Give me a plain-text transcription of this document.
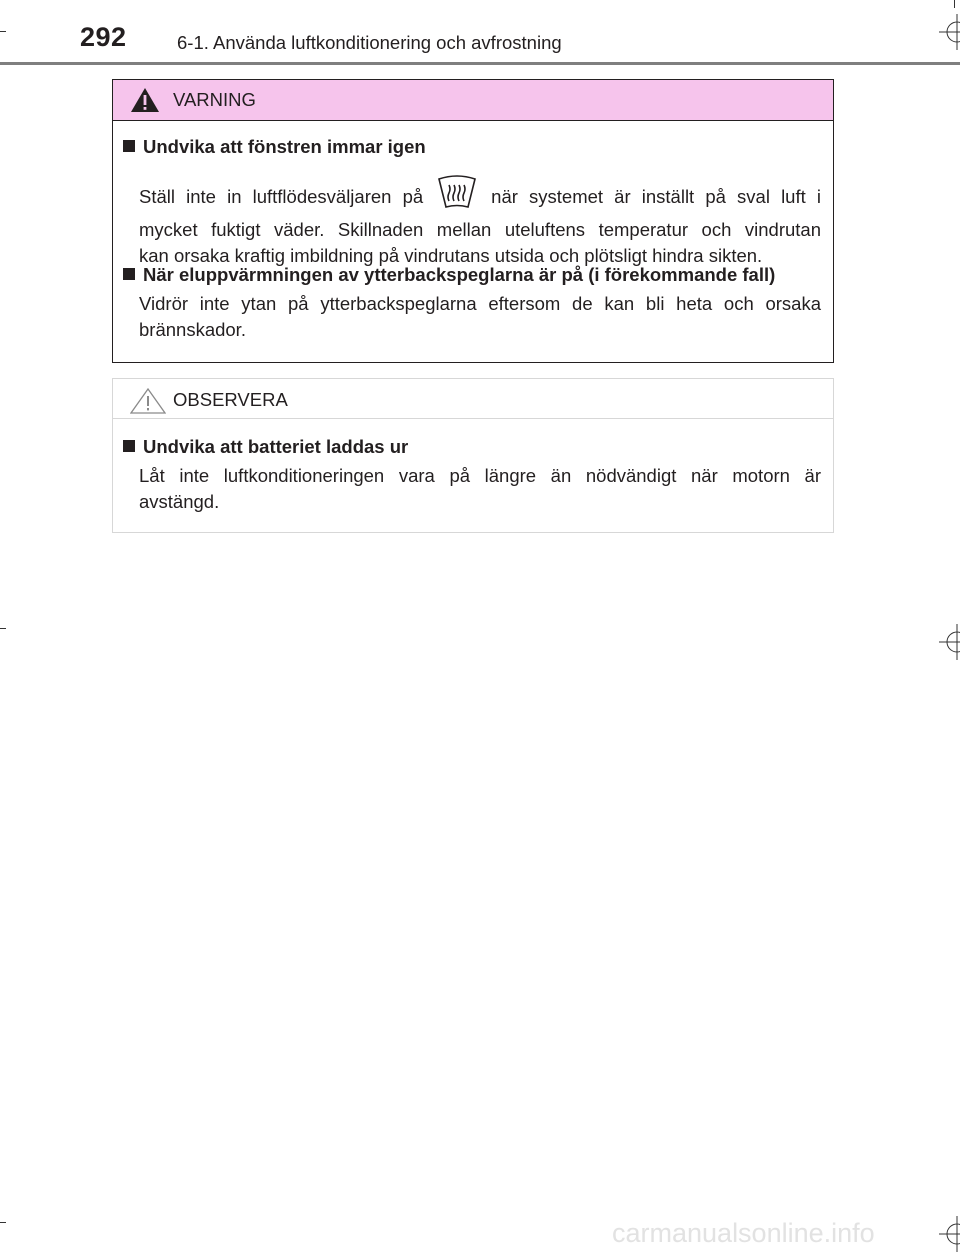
292	6-1. Använda luftkonditionering och avfrostning
VARNING
Undvika att fönstren immar igen
Ställ inte in luftflödesväljaren på	när systemet är inställt på sval luft i
mycket fuktigt väder. Skillnaden mellan uteluftens temperatur och vindrutan
kan orsaka kraftig imbildning på vindrutans utsida och plötsligt hindra sikten.
När eluppvärmningen av ytterbackspeglarna är på (i förekommande fall)
Vidrör inte ytan på ytterbackspeglarna eftersom de kan bli heta och orsaka
brännskador.
OBSERVERA
Undvika att batteriet laddas ur
Låt inte luftkonditioneringen vara på längre än nödvändigt när motorn är
avstängd.
carmanualsonline.info
